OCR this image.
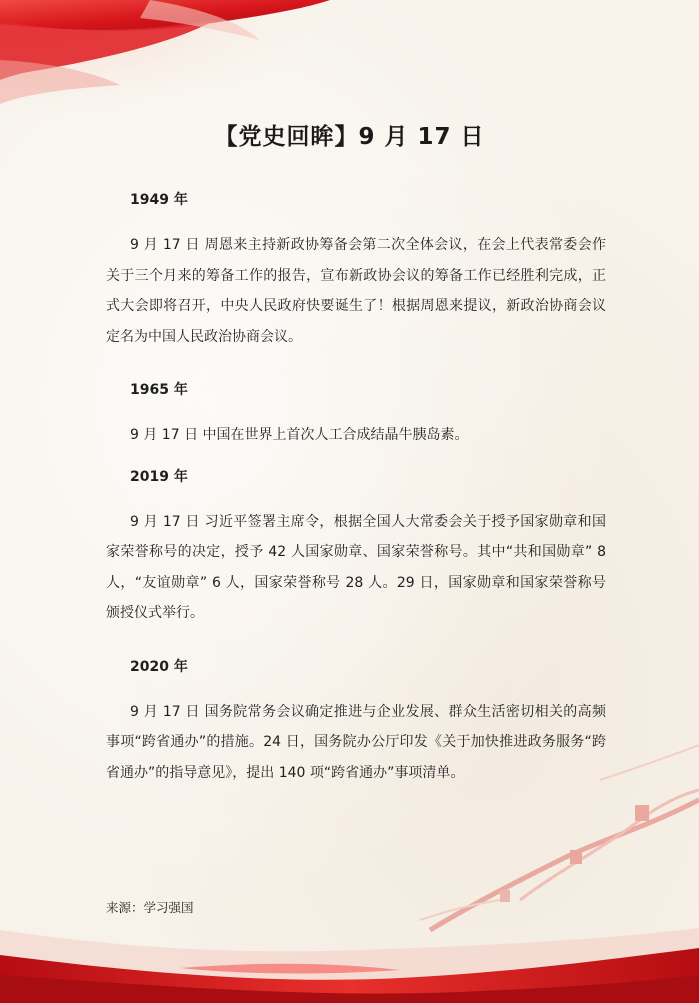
【党史回眸】9 月 17 日
1949 年

9 月 17 日 周恩来主持新政协筹备会第二次全体会议，在会上代表常委会作关于三个月来的筹备工作的报告，宣布新政协会议的筹备工作已经胜利完成，正式大会即将召开，中央人民政府快要诞生了！根据周恩来提议，新政治协商会议定名为中国人民政治协商会议。

1965 年

9 月 17 日 中国在世界上首次人工合成结晶牛胰岛素。

2019 年

9 月 17 日 习近平签署主席令，根据全国人大常委会关于授予国家勋章和国家荣誉称号的决定，授予 42 人国家勋章、国家荣誉称号。其中“共和国勋章” 8 人，“友谊勋章” 6 人，国家荣誉称号 28 人。29 日，国家勋章和国家荣誉称号颁授仪式举行。

2020 年

9 月 17 日 国务院常务会议确定推进与企业发展、群众生活密切相关的高频事项“跨省通办”的措施。24 日，国务院办公厅印发《关于加快推进政务服务“跨省通办”的指导意见》，提出 140 项“跨省通办”事项清单。

来源：学习强国
